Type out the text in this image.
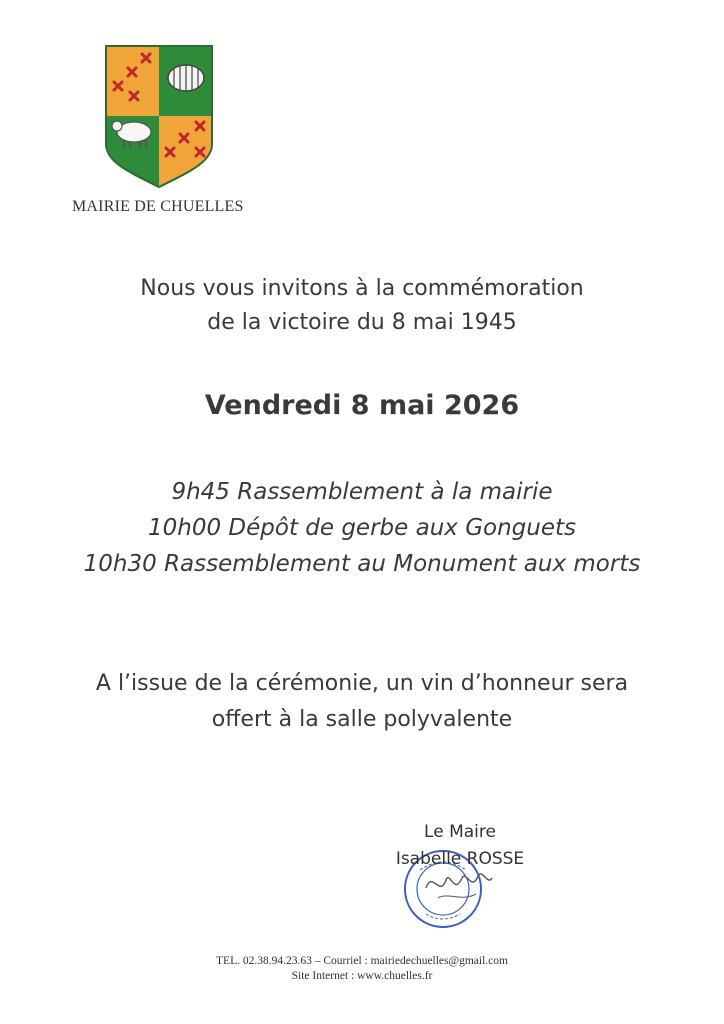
MAIRIE DE CHUELLES
Nous vous invitons à la commémoration
de la victoire du 8 mai 1945
Vendredi 8 mai 2026
9h45 Rassemblement à la mairie
10h00 Dépôt de gerbe aux Gonguets
10h30 Rassemblement au Monument aux morts
A l’issue de la cérémonie, un vin d’honneur sera
offert à la salle polyvalente
Le Maire
Isabelle ROSSE
TEL. 02.38.94.23.63 – Courriel : mairiedechuelles@gmail.com
Site Internet : www.chuelles.fr
